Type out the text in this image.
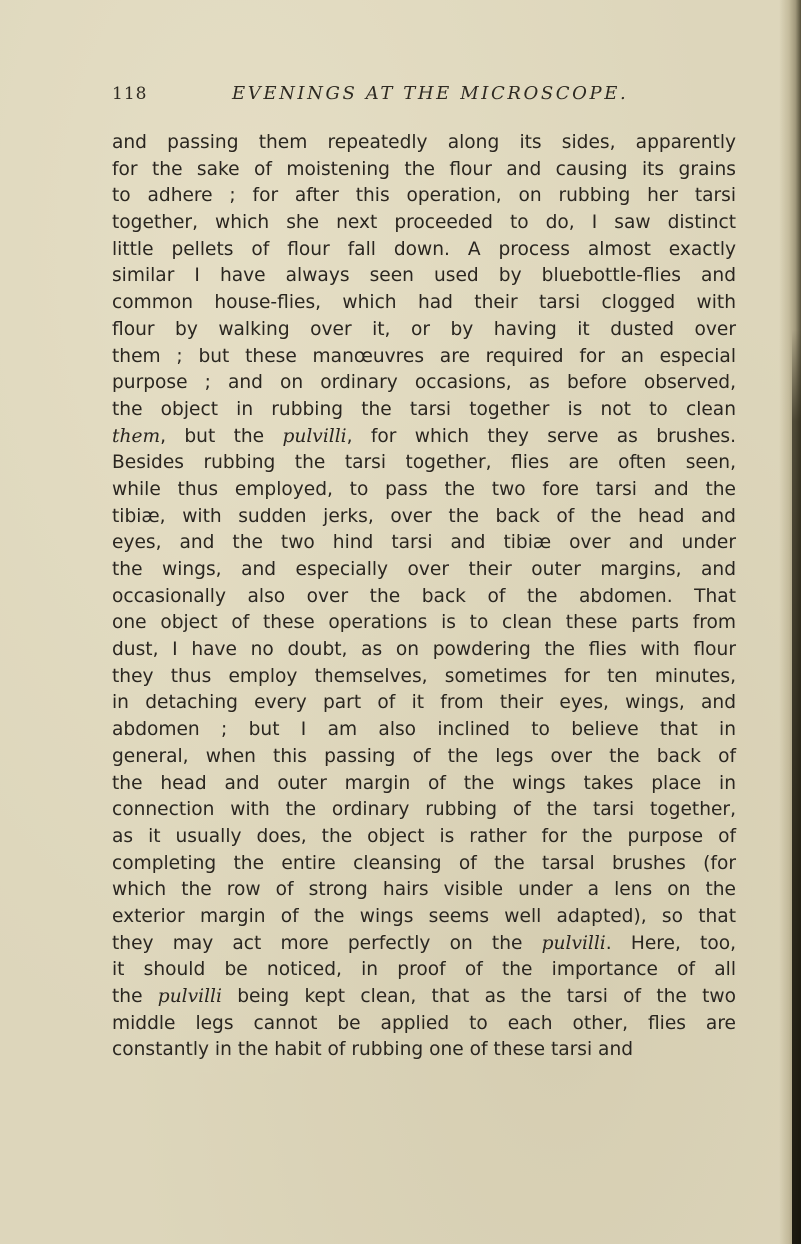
118	EVENINGS AT THE MICROSCOPE.
and passing them repeatedly along its sides, apparently
for the sake of moistening the flour and causing its grains
to adhere ; for after this operation, on rubbing her tarsi
together, which she next proceeded to do, I saw distinct
little pellets of flour fall down. A process almost exactly
similar I have always seen used by bluebottle-flies and
common house-flies, which had their tarsi clogged with
flour by walking over it, or by having it dusted over
them ; but these manœuvres are required for an especial
purpose ; and on ordinary occasions, as before observed,
the object in rubbing the tarsi together is not to clean
them, but the pulvilli, for which they serve as brushes.
Besides rubbing the tarsi together, flies are often seen,
while thus employed, to pass the two fore tarsi and the
tibiæ, with sudden jerks, over the back of the head and
eyes, and the two hind tarsi and tibiæ over and under
the wings, and especially over their outer margins, and
occasionally also over the back of the abdomen. That
one object of these operations is to clean these parts from
dust, I have no doubt, as on powdering the flies with flour
they thus employ themselves, sometimes for ten minutes,
in detaching every part of it from their eyes, wings, and
abdomen ; but I am also inclined to believe that in
general, when this passing of the legs over the back of
the head and outer margin of the wings takes place in
connection with the ordinary rubbing of the tarsi together,
as it usually does, the object is rather for the purpose of
completing the entire cleansing of the tarsal brushes (for
which the row of strong hairs visible under a lens on the
exterior margin of the wings seems well adapted), so that
they may act more perfectly on the pulvilli. Here, too,
it should be noticed, in proof of the importance of all
the pulvilli being kept clean, that as the tarsi of the two
middle legs cannot be applied to each other, flies are
constantly in the habit of rubbing one of these tarsi and
